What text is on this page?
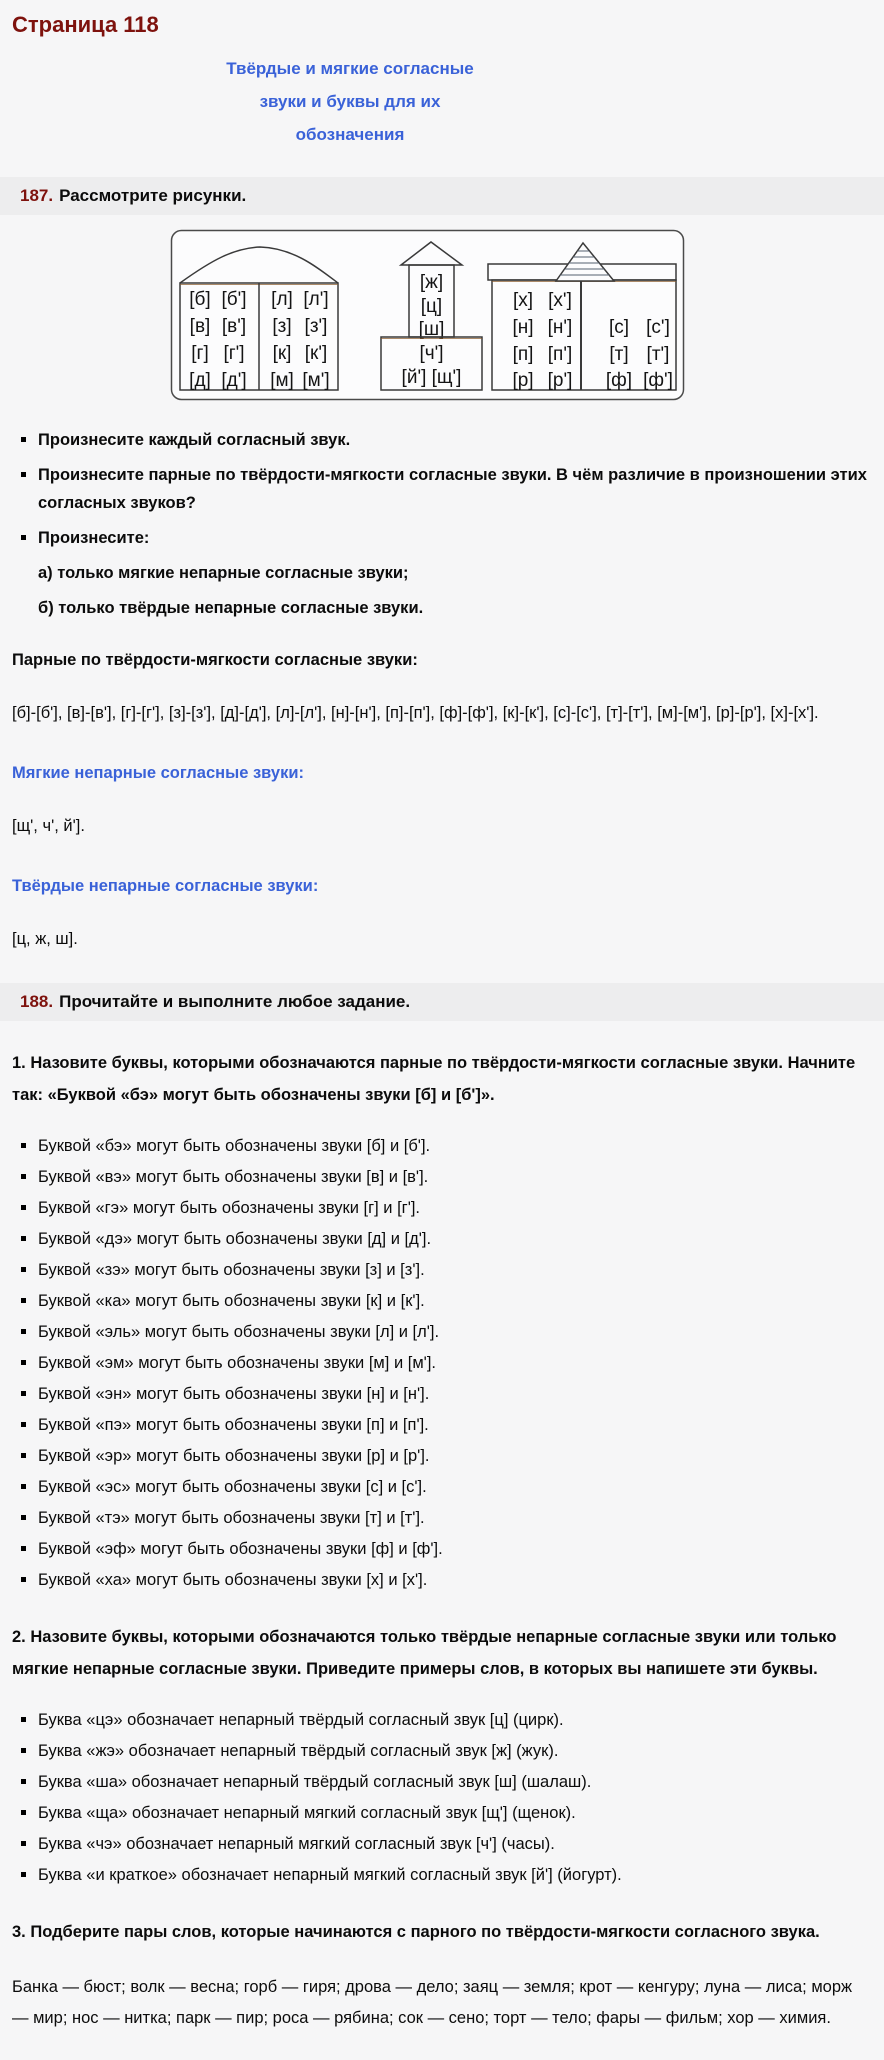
Страница 118
Твёрдые и мягкие согласные
звуки и буквы для их
обозначения
187. Рассмотрите рисунки.
[б] [б']
[в] [в']
[г] [г']
[д] [д']
[л] [л']
[з] [з']
[к] [к']
[м] [м']
[ж]
[ц]
[ш]
[ч']
[й'] [щ']
[х] [х']
[н] [н']
[п] [п']
[р] [р']
[с] [с']
[т] [т']
[ф] [ф']
Произнесите каждый согласный звук.
Произнесите парные по твёрдости-мягкости согласные звуки. В чём различие в произношении этих согласных звуков?
Произнесите:
а) только мягкие непарные согласные звуки;
б) только твёрдые непарные согласные звуки.
Парные по твёрдости-мягкости согласные звуки:
[б]-[б'], [в]-[в'], [г]-[г'], [з]-[з'], [д]-[д'], [л]-[л'], [н]-[н'], [п]-[п'], [ф]-[ф'], [к]-[к'], [с]-[с'], [т]-[т'], [м]-[м'], [р]-[р'], [х]-[х'].
Мягкие непарные согласные звуки:
[щ', ч', й'].
Твёрдые непарные согласные звуки:
[ц, ж, ш].
188. Прочитайте и выполните любое задание.
1. Назовите буквы, которыми обозначаются парные по твёрдости-мягкости согласные звуки. Начните так: «Буквой «бэ» могут быть обозначены звуки [б] и [б']».
Буквой «бэ» могут быть обозначены звуки [б] и [б'].
Буквой «вэ» могут быть обозначены звуки [в] и [в'].
Буквой «гэ» могут быть обозначены звуки [г] и [г'].
Буквой «дэ» могут быть обозначены звуки [д] и [д'].
Буквой «зэ» могут быть обозначены звуки [з] и [з'].
Буквой «ка» могут быть обозначены звуки [к] и [к'].
Буквой «эль» могут быть обозначены звуки [л] и [л'].
Буквой «эм» могут быть обозначены звуки [м] и [м'].
Буквой «эн» могут быть обозначены звуки [н] и [н'].
Буквой «пэ» могут быть обозначены звуки [п] и [п'].
Буквой «эр» могут быть обозначены звуки [р] и [р'].
Буквой «эс» могут быть обозначены звуки [с] и [с'].
Буквой «тэ» могут быть обозначены звуки [т] и [т'].
Буквой «эф» могут быть обозначены звуки [ф] и [ф'].
Буквой «ха» могут быть обозначены звуки [х] и [х'].
2. Назовите буквы, которыми обозначаются только твёрдые непарные согласные звуки или только мягкие непарные согласные звуки. Приведите примеры слов, в которых вы напишете эти буквы.
Буква «цэ» обозначает непарный твёрдый согласный звук [ц] (цирк).
Буква «жэ» обозначает непарный твёрдый согласный звук [ж] (жук).
Буква «ша» обозначает непарный твёрдый согласный звук [ш] (шалаш).
Буква «ща» обозначает непарный мягкий согласный звук [щ'] (щенок).
Буква «чэ» обозначает непарный мягкий согласный звук [ч'] (часы).
Буква «и краткое» обозначает непарный мягкий согласный звук [й'] (йогурт).
3. Подберите пары слов, которые начинаются с парного по твёрдости-мягкости согласного звука.
Банка — бюст; волк — весна; горб — гиря; дрова — дело; заяц — земля; крот — кенгуру; луна — лиса; морж — мир; нос — нитка; парк — пир; роса — рябина; сок — сено; торт — тело; фары — фильм; хор — химия.
